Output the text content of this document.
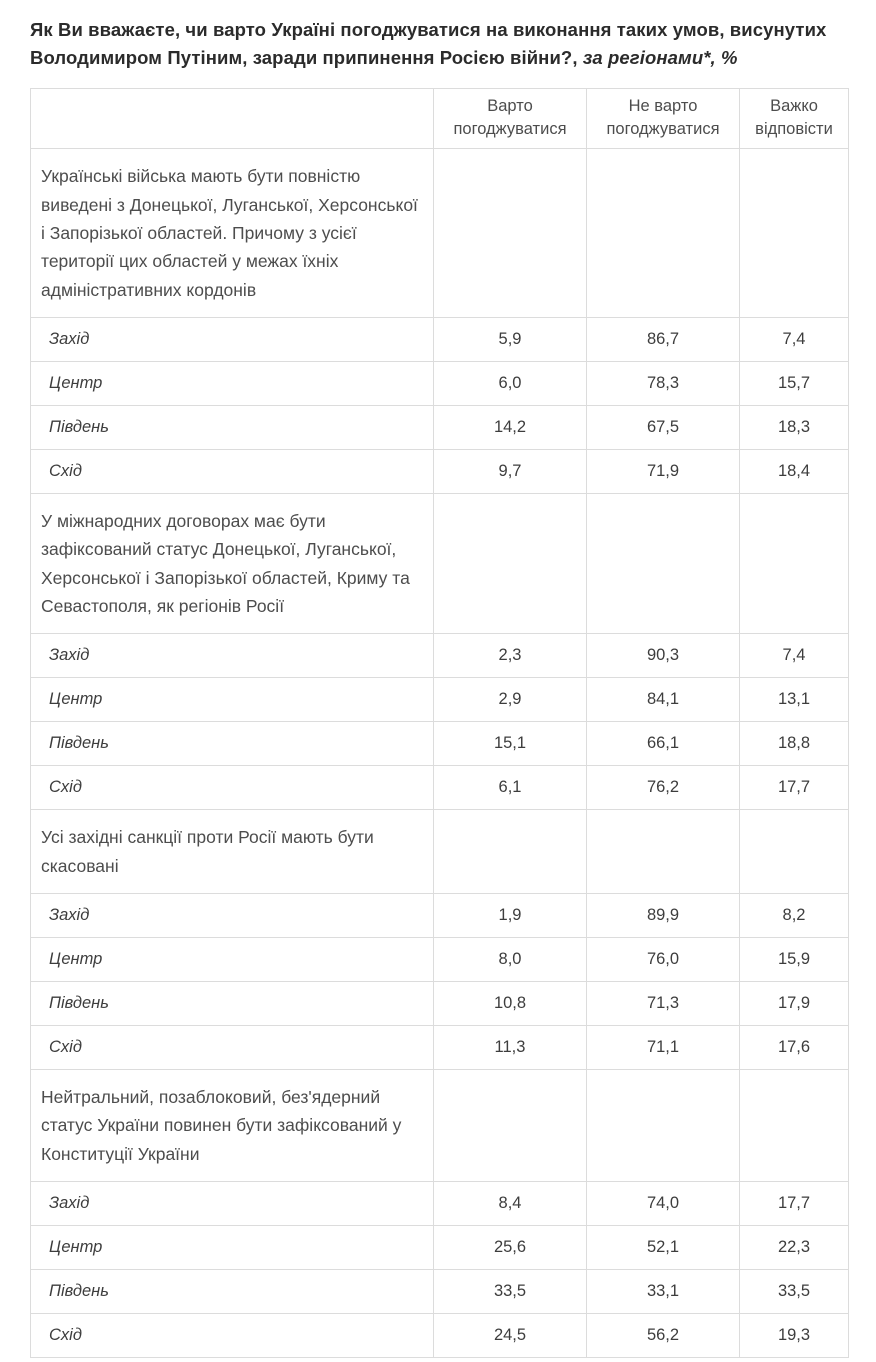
Як Ви вважаєте, чи варто Україні погоджуватися на виконання таких умов, висунутих Володимиром Путіним, заради припинення Росією війни?, за регіонами*, %
	Варто погоджуватися	Не варто погоджуватися	Важко відповісти
Українські війська мають бути повністю виведені з Донецької, Луганської, Херсонської і Запорізької областей. Причому з усієї території цих областей у межах їхніх адміністративних кордонів			
Захід	5,9	86,7	7,4
Центр	6,0	78,3	15,7
Південь	14,2	67,5	18,3
Схід	9,7	71,9	18,4
У міжнародних договорах має бути зафіксований статус Донецької, Луганської, Херсонської і Запорізької областей, Криму та Севастополя, як регіонів Росії			
Захід	2,3	90,3	7,4
Центр	2,9	84,1	13,1
Південь	15,1	66,1	18,8
Схід	6,1	76,2	17,7
Усі західні санкції проти Росії мають бути скасовані			
Захід	1,9	89,9	8,2
Центр	8,0	76,0	15,9
Південь	10,8	71,3	17,9
Схід	11,3	71,1	17,6
Нейтральний, позаблоковий, без'ядерний статус України повинен бути зафіксований у Конституції України			
Захід	8,4	74,0	17,7
Центр	25,6	52,1	22,3
Південь	33,5	33,1	33,5
Схід	24,5	56,2	19,3
